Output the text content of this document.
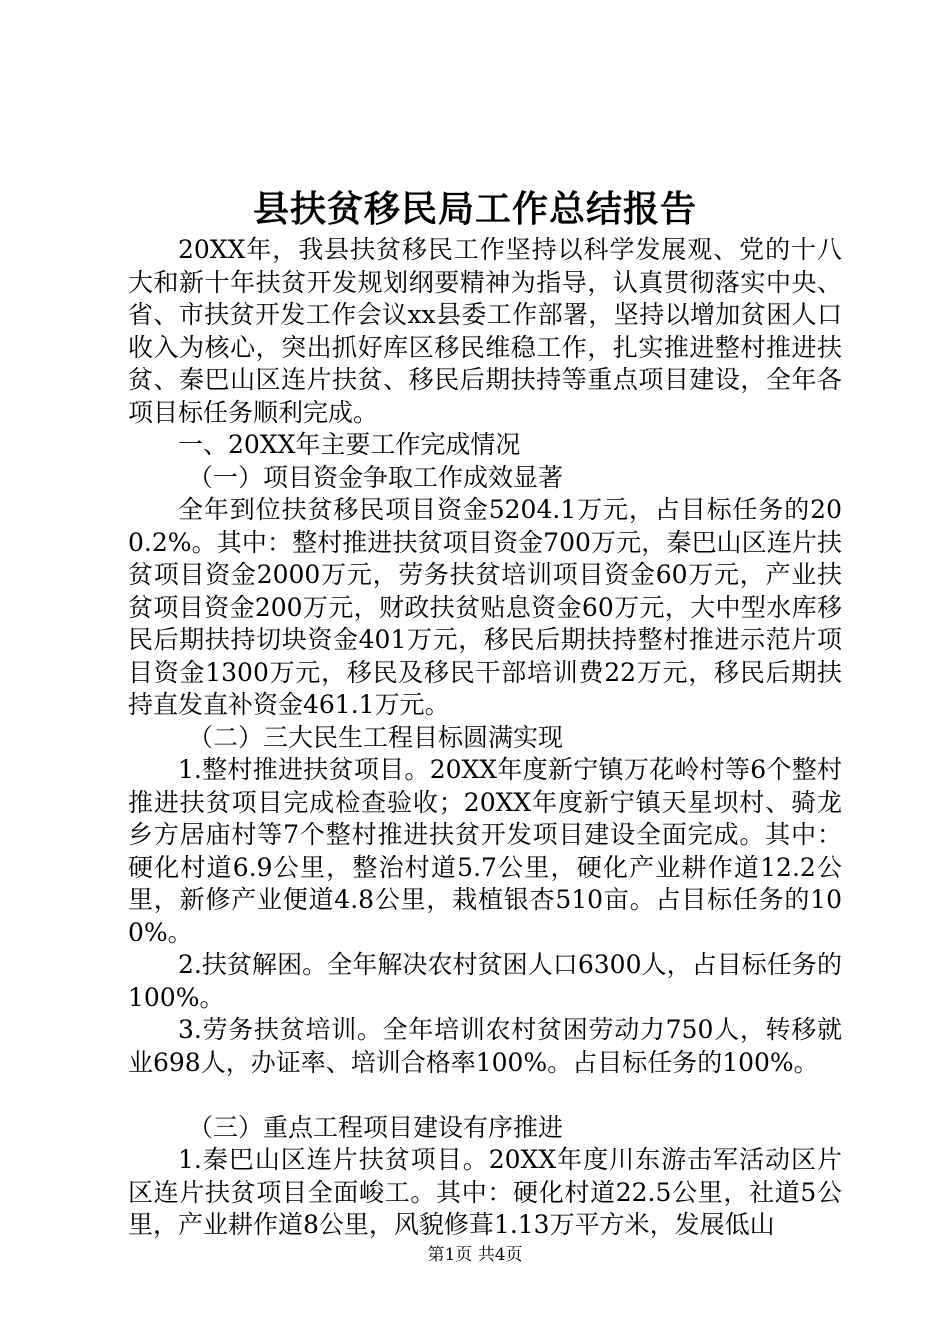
县扶贫移民局工作总结报告

20XX年，我县扶贫移民工作坚持以科学发展观、党的十八大和新十年扶贫开发规划纲要精神为指导，认真贯彻落实中央、省、市扶贫开发工作会议xx县委工作部署，坚持以增加贫困人口收入为核心，突出抓好库区移民维稳工作，扎实推进整村推进扶贫、秦巴山区连片扶贫、移民后期扶持等重点项目建设，全年各项目标任务顺利完成。

一、20XX年主要工作完成情况

（一）项目资金争取工作成效显著

全年到位扶贫移民项目资金5204.1万元，占目标任务的200.2%。其中：整村推进扶贫项目资金700万元，秦巴山区连片扶贫项目资金2000万元，劳务扶贫培训项目资金60万元，产业扶贫项目资金200万元，财政扶贫贴息资金60万元，大中型水库移民后期扶持切块资金401万元，移民后期扶持整村推进示范片项目资金1300万元，移民及移民干部培训费22万元，移民后期扶持直发直补资金461.1万元。

（二）三大民生工程目标圆满实现

1.整村推进扶贫项目。20XX年度新宁镇万花岭村等6个整村推进扶贫项目完成检查验收；20XX年度新宁镇天星坝村、骑龙乡方居庙村等7个整村推进扶贫开发项目建设全面完成。其中：硬化村道6.9公里，整治村道5.7公里，硬化产业耕作道12.2公里，新修产业便道4.8公里，栽植银杏510亩。占目标任务的100%。

2.扶贫解困。全年解决农村贫困人口6300人，占目标任务的100%。

3.劳务扶贫培训。全年培训农村贫困劳动力750人，转移就业698人，办证率、培训合格率100%。占目标任务的100%。

（三）重点工程项目建设有序推进

1.秦巴山区连片扶贫项目。20XX年度川东游击军活动区片区连片扶贫项目全面峻工。其中：硬化村道22.5公里，社道5公里，产业耕作道8公里，风貌修葺1.13万平方米，发展低山

第1页 共4页
